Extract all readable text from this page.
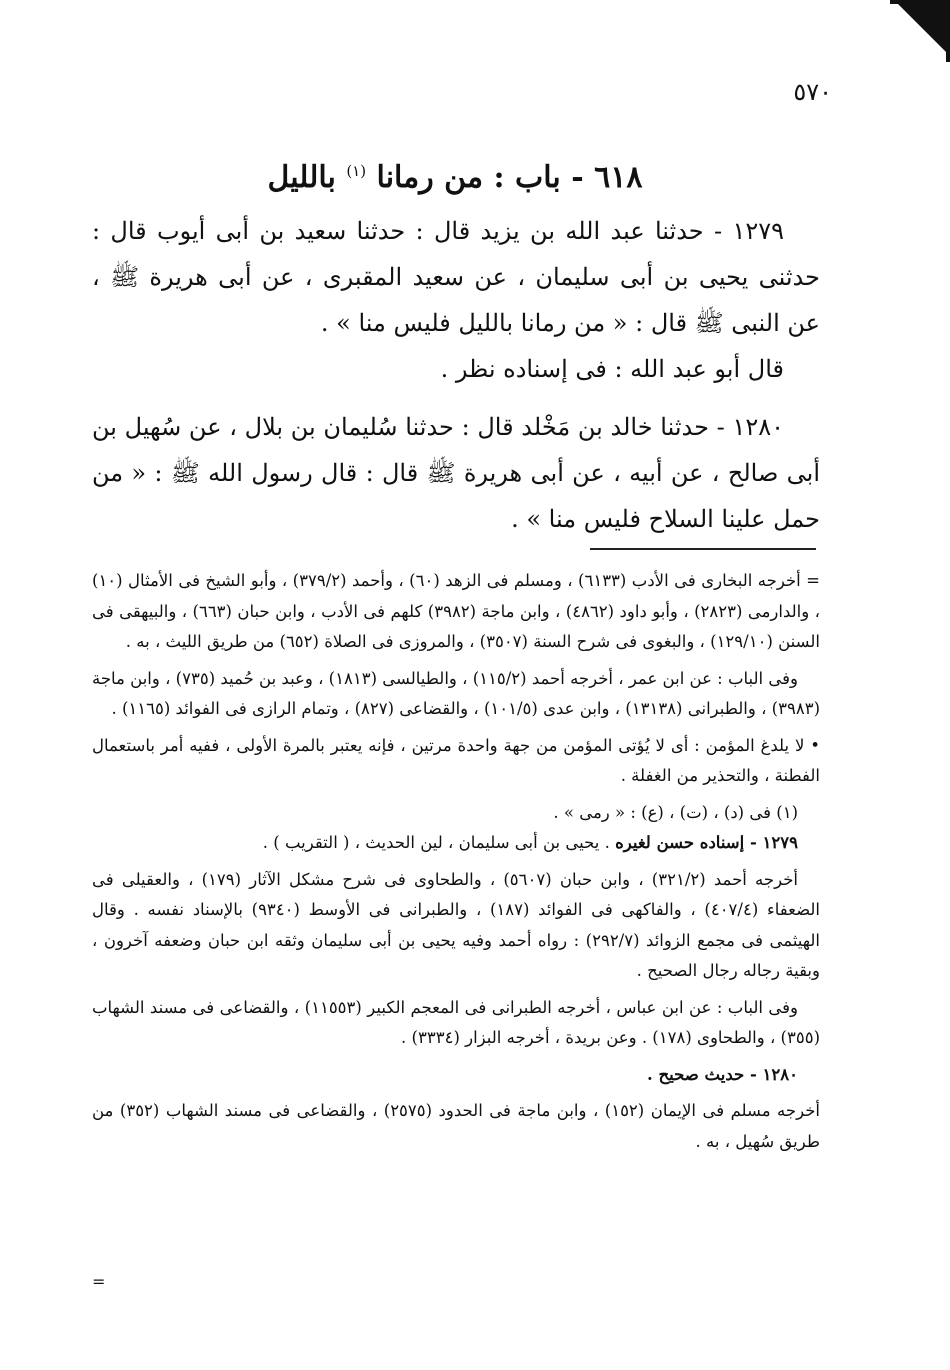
٥٧٠
٦١٨ - باب : من رمانا $^{(١)}$ بالليل

١٢٧٩ - حدثنا عبد الله بن يزيد قال : حدثنا سعيد بن أبى أيوب قال : حدثنى يحيى بن أبى سليمان ، عن سعيد المقبرى ، عن أبى هريرة ﷺ ، عن النبى ﷺ قال : « من رمانا بالليل فليس منا » .

قال أبو عبد الله : فى إسناده نظر .

١٢٨٠ - حدثنا خالد بن مَخْلد قال : حدثنا سُليمان بن بلال ، عن سُهيل بن أبى صالح ، عن أبيه ، عن أبى هريرة ﷺ قال : قال رسول الله ﷺ : « من حمل علينا السلاح فليس منا » .

= أخرجه البخارى فى الأدب (٦١٣٣) ، ومسلم فى الزهد (٦٠) ، وأحمد (٣٧٩/٢) ، وأبو الشيخ فى الأمثال (١٠) ، والدارمى (٢٨٢٣) ، وأبو داود (٤٨٦٢) ، وابن ماجة (٣٩٨٢) كلهم فى الأدب ، وابن حبان (٦٦٣) ، والبيهقى فى السنن (١٢٩/١٠) ، والبغوى فى شرح السنة (٣٥٠٧) ، والمروزى فى الصلاة (٦٥٢) من طريق الليث ، به .

وفى الباب : عن ابن عمر ، أخرجه أحمد (١١٥/٢) ، والطيالسى (١٨١٣) ، وعبد بن حُميد (٧٣٥) ، وابن ماجة (٣٩٨٣) ، والطبرانى (١٣١٣٨) ، وابن عدى (١٠١/٥) ، والقضاعى (٨٢٧) ، وتمام الرازى فى الفوائد (١١٦٥) .

• لا يلدغ المؤمن : أى لا يُؤتى المؤمن من جهة واحدة مرتين ، فإنه يعتبر بالمرة الأولى ، ففيه أمر باستعمال الفطنة ، والتحذير من الغفلة .

(١) فى (د) ، (ت) ، (ع) : « رمى » .

١٢٧٩ - إسناده حسن لغيره . يحيى بن أبى سليمان ، لين الحديث ، ( التقريب ) .

أخرجه أحمد (٣٢١/٢) ، وابن حبان (٥٦٠٧) ، والطحاوى فى شرح مشكل الآثار (١٧٩) ، والعقيلى فى الضعفاء (٤٠٧/٤) ، والفاكهى فى الفوائد (١٨٧) ، والطبرانى فى الأوسط (٩٣٤٠) بالإسناد نفسه . وقال الهيثمى فى مجمع الزوائد (٢٩٢/٧) : رواه أحمد وفيه يحيى بن أبى سليمان وثقه ابن حبان وضعفه آخرون ، وبقية رجاله رجال الصحيح .

وفى الباب : عن ابن عباس ، أخرجه الطبرانى فى المعجم الكبير (١١٥٥٣) ، والقضاعى فى مسند الشهاب (٣٥٥) ، والطحاوى (١٧٨) . وعن بريدة ، أخرجه البزار (٣٣٣٤) .

١٢٨٠ - حديث صحيح .

أخرجه مسلم فى الإيمان (١٥٢) ، وابن ماجة فى الحدود (٢٥٧٥) ، والقضاعى فى مسند الشهاب (٣٥٢) من طريق سُهيل ، به .

=
